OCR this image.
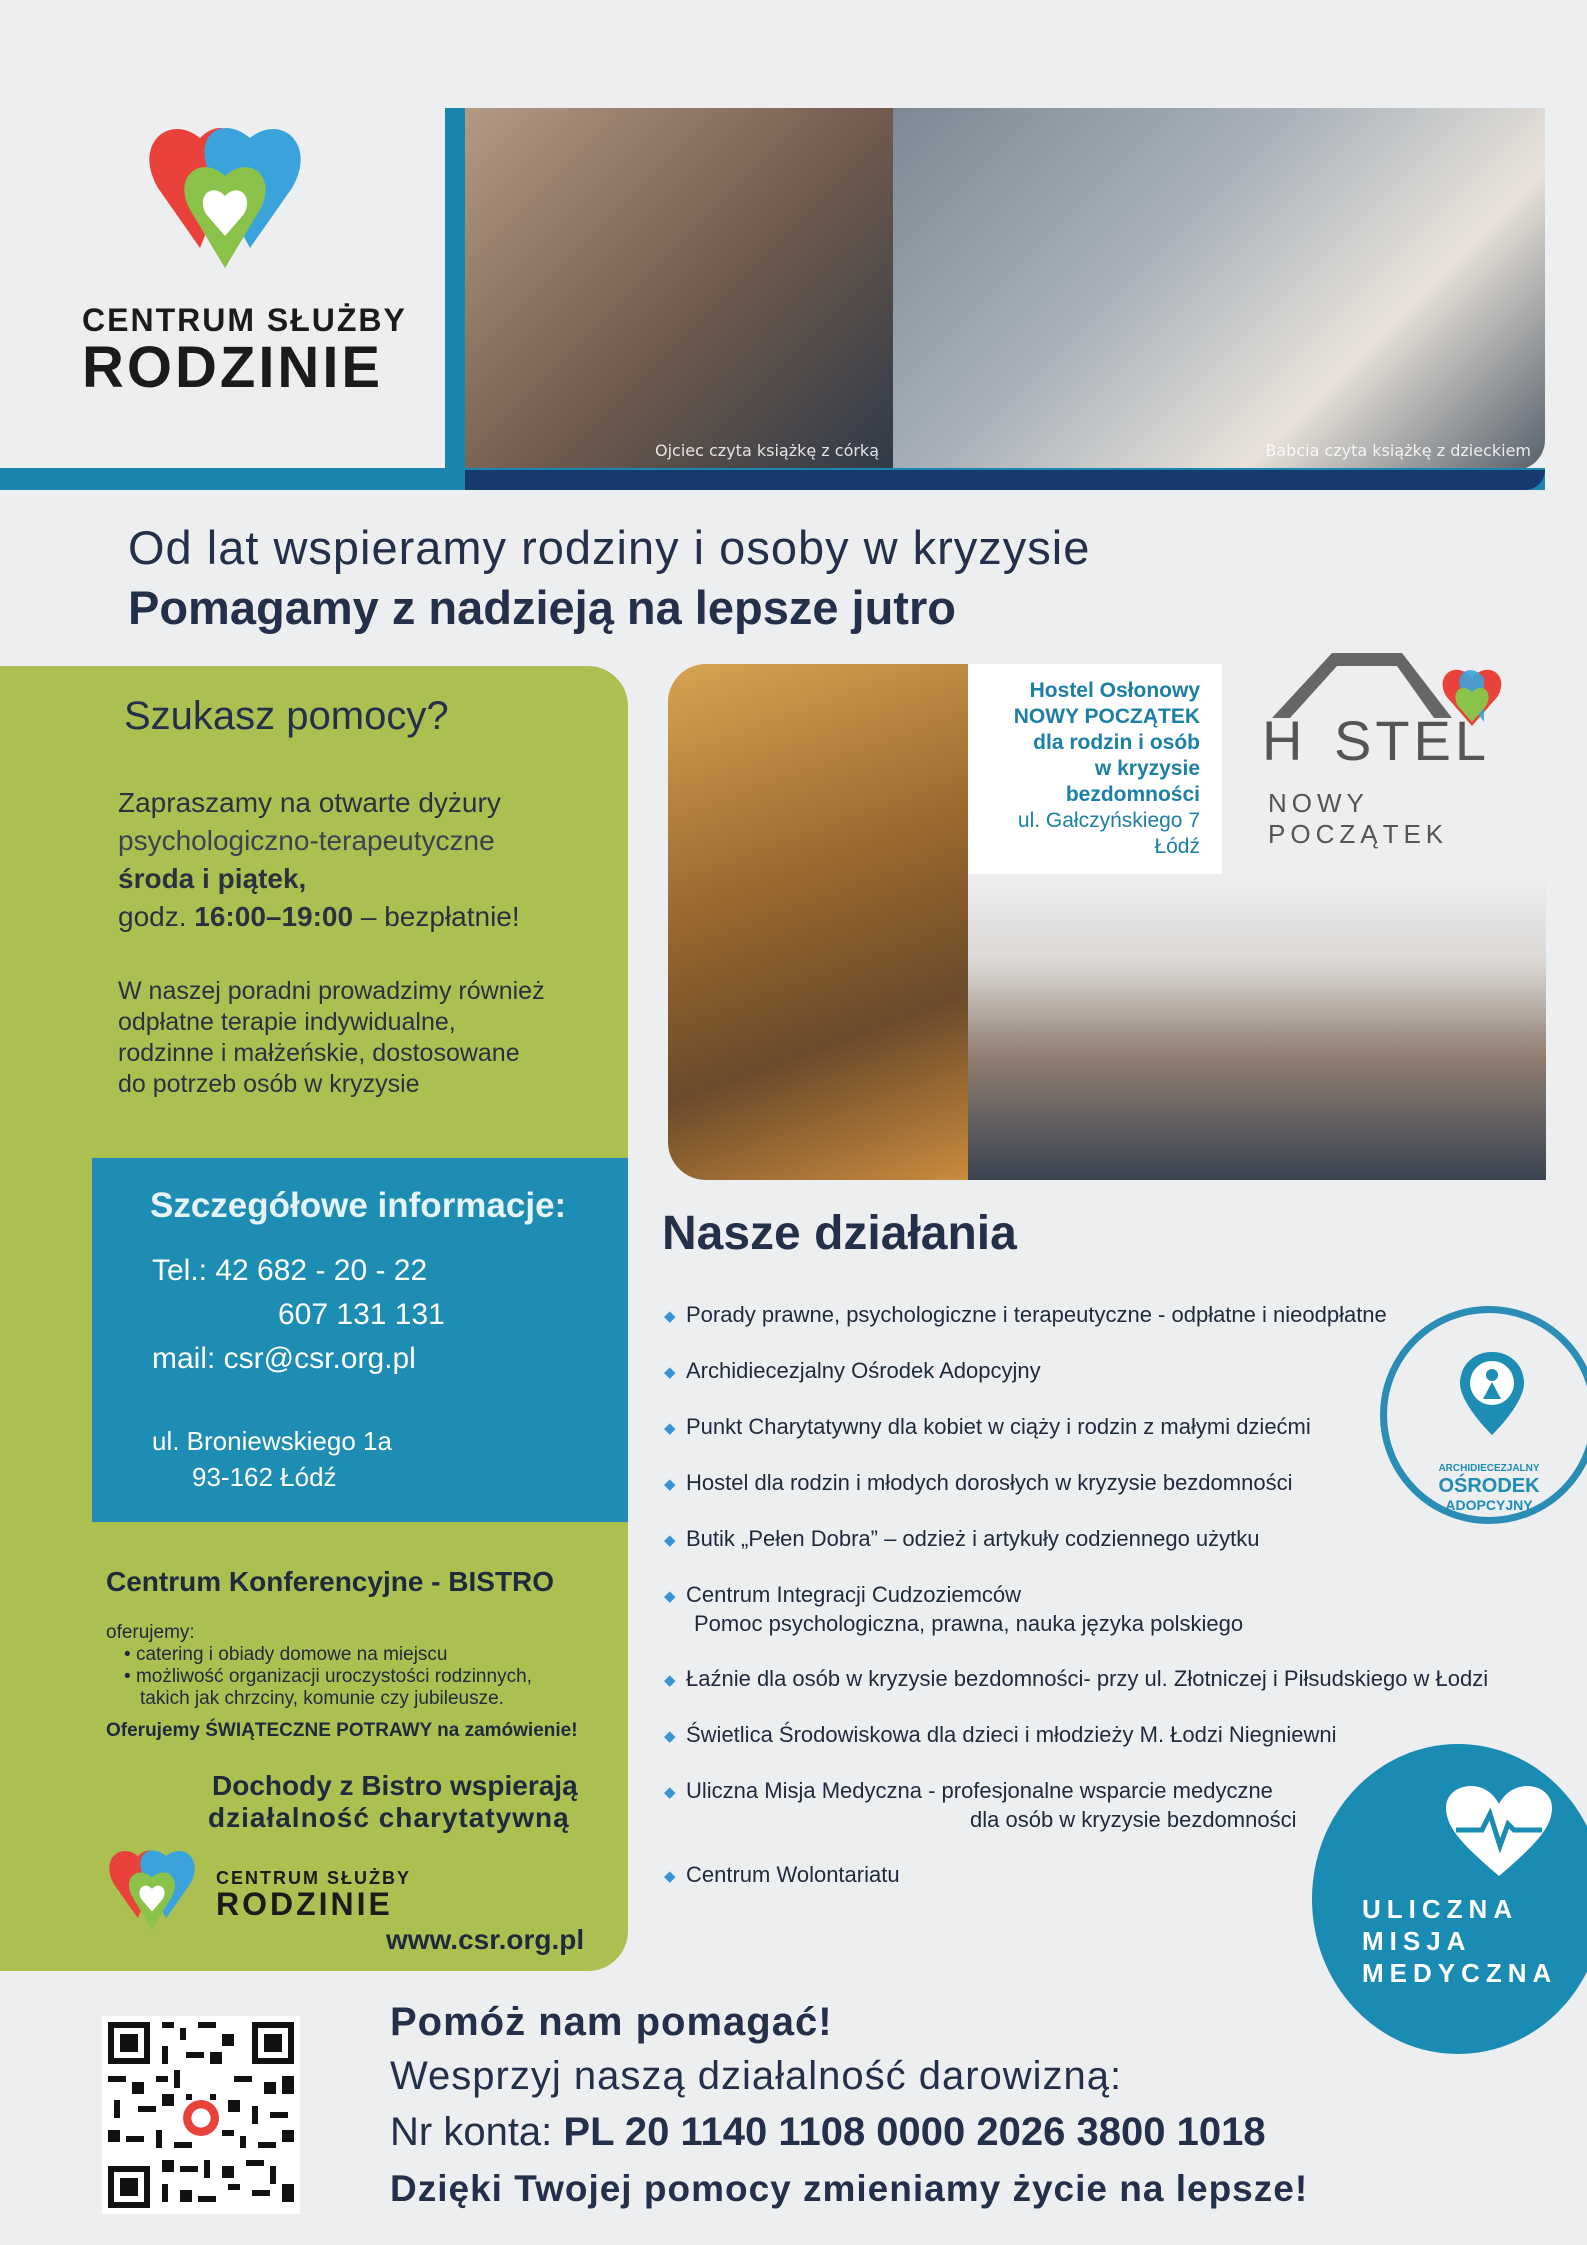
CENTRUM SŁUŻBY
RODZINIE
Ojciec czyta książkę z córką	Babcia czyta książkę z dzieckiem
Od lat wspieramy rodziny i osoby w kryzysie
Pomagamy z nadzieją na lepsze jutro
Szukasz pomocy?
Zapraszamy na otwarte dyżury
psychologiczno-terapeutyczne
środa i piątek,
godz. 16:00–19:00 – bezpłatnie!
W naszej poradni prowadzimy również
odpłatne terapie indywidualne,
rodzinne i małżeńskie, dostosowane
do potrzeb osób w kryzysie
Szczegółowe informacje:
Tel.: 42 682 - 20 - 22
607 131 131
mail: csr@csr.org.pl
ul. Broniewskiego 1a
93-162 Łódź
Centrum Konferencyjne - BISTRO
oferujemy:
• catering i obiady domowe na miejscu
• możliwość organizacji uroczystości rodzinnych,
takich jak chrzciny, komunie czy jubileusze.
Oferujemy ŚWIĄTECZNE POTRAWY na zamówienie!
Dochody z Bistro wspierają
działalność charytatywną
CENTRUM SŁUŻBY
RODZINIE
www.csr.org.pl
Hostel Osłonowy
NOWY POCZĄTEK
dla rodzin i osób
w kryzysie
bezdomności
ul. Gałczyńskiego 7
Łódź
H STEL
NOWY POCZĄTEK
Nasze działania
◆ Porady prawne, psychologiczne i terapeutyczne - odpłatne i nieodpłatne
◆ Archidiecezjalny Ośrodek Adopcyjny
◆ Punkt Charytatywny dla kobiet w ciąży i rodzin z małymi dziećmi
◆ Hostel dla rodzin i młodych dorosłych w kryzysie bezdomności
◆ Butik „Pełen Dobra” – odzież i artykuły codziennego użytku
◆ Centrum Integracji Cudzoziemców
Pomoc psychologiczna, prawna, nauka języka polskiego
◆ Łaźnie dla osób w kryzysie bezdomności- przy ul. Złotniczej i Piłsudskiego w Łodzi
◆ Świetlica Środowiskowa dla dzieci i młodzieży M. Łodzi Niegniewni
◆ Uliczna Misja Medyczna - profesjonalne wsparcie medyczne
dla osób w kryzysie bezdomności
◆ Centrum Wolontariatu
ARCHIDIECEZJALNY
OŚRODEK
ADOPCYJNY
ULICZNA
MISJA
MEDYCZNA
Pomóż nam pomagać!
Wesprzyj naszą działalność darowizną:
Nr konta: PL 20 1140 1108 0000 2026 3800 1018
Dzięki Twojej pomocy zmieniamy życie na lepsze!
